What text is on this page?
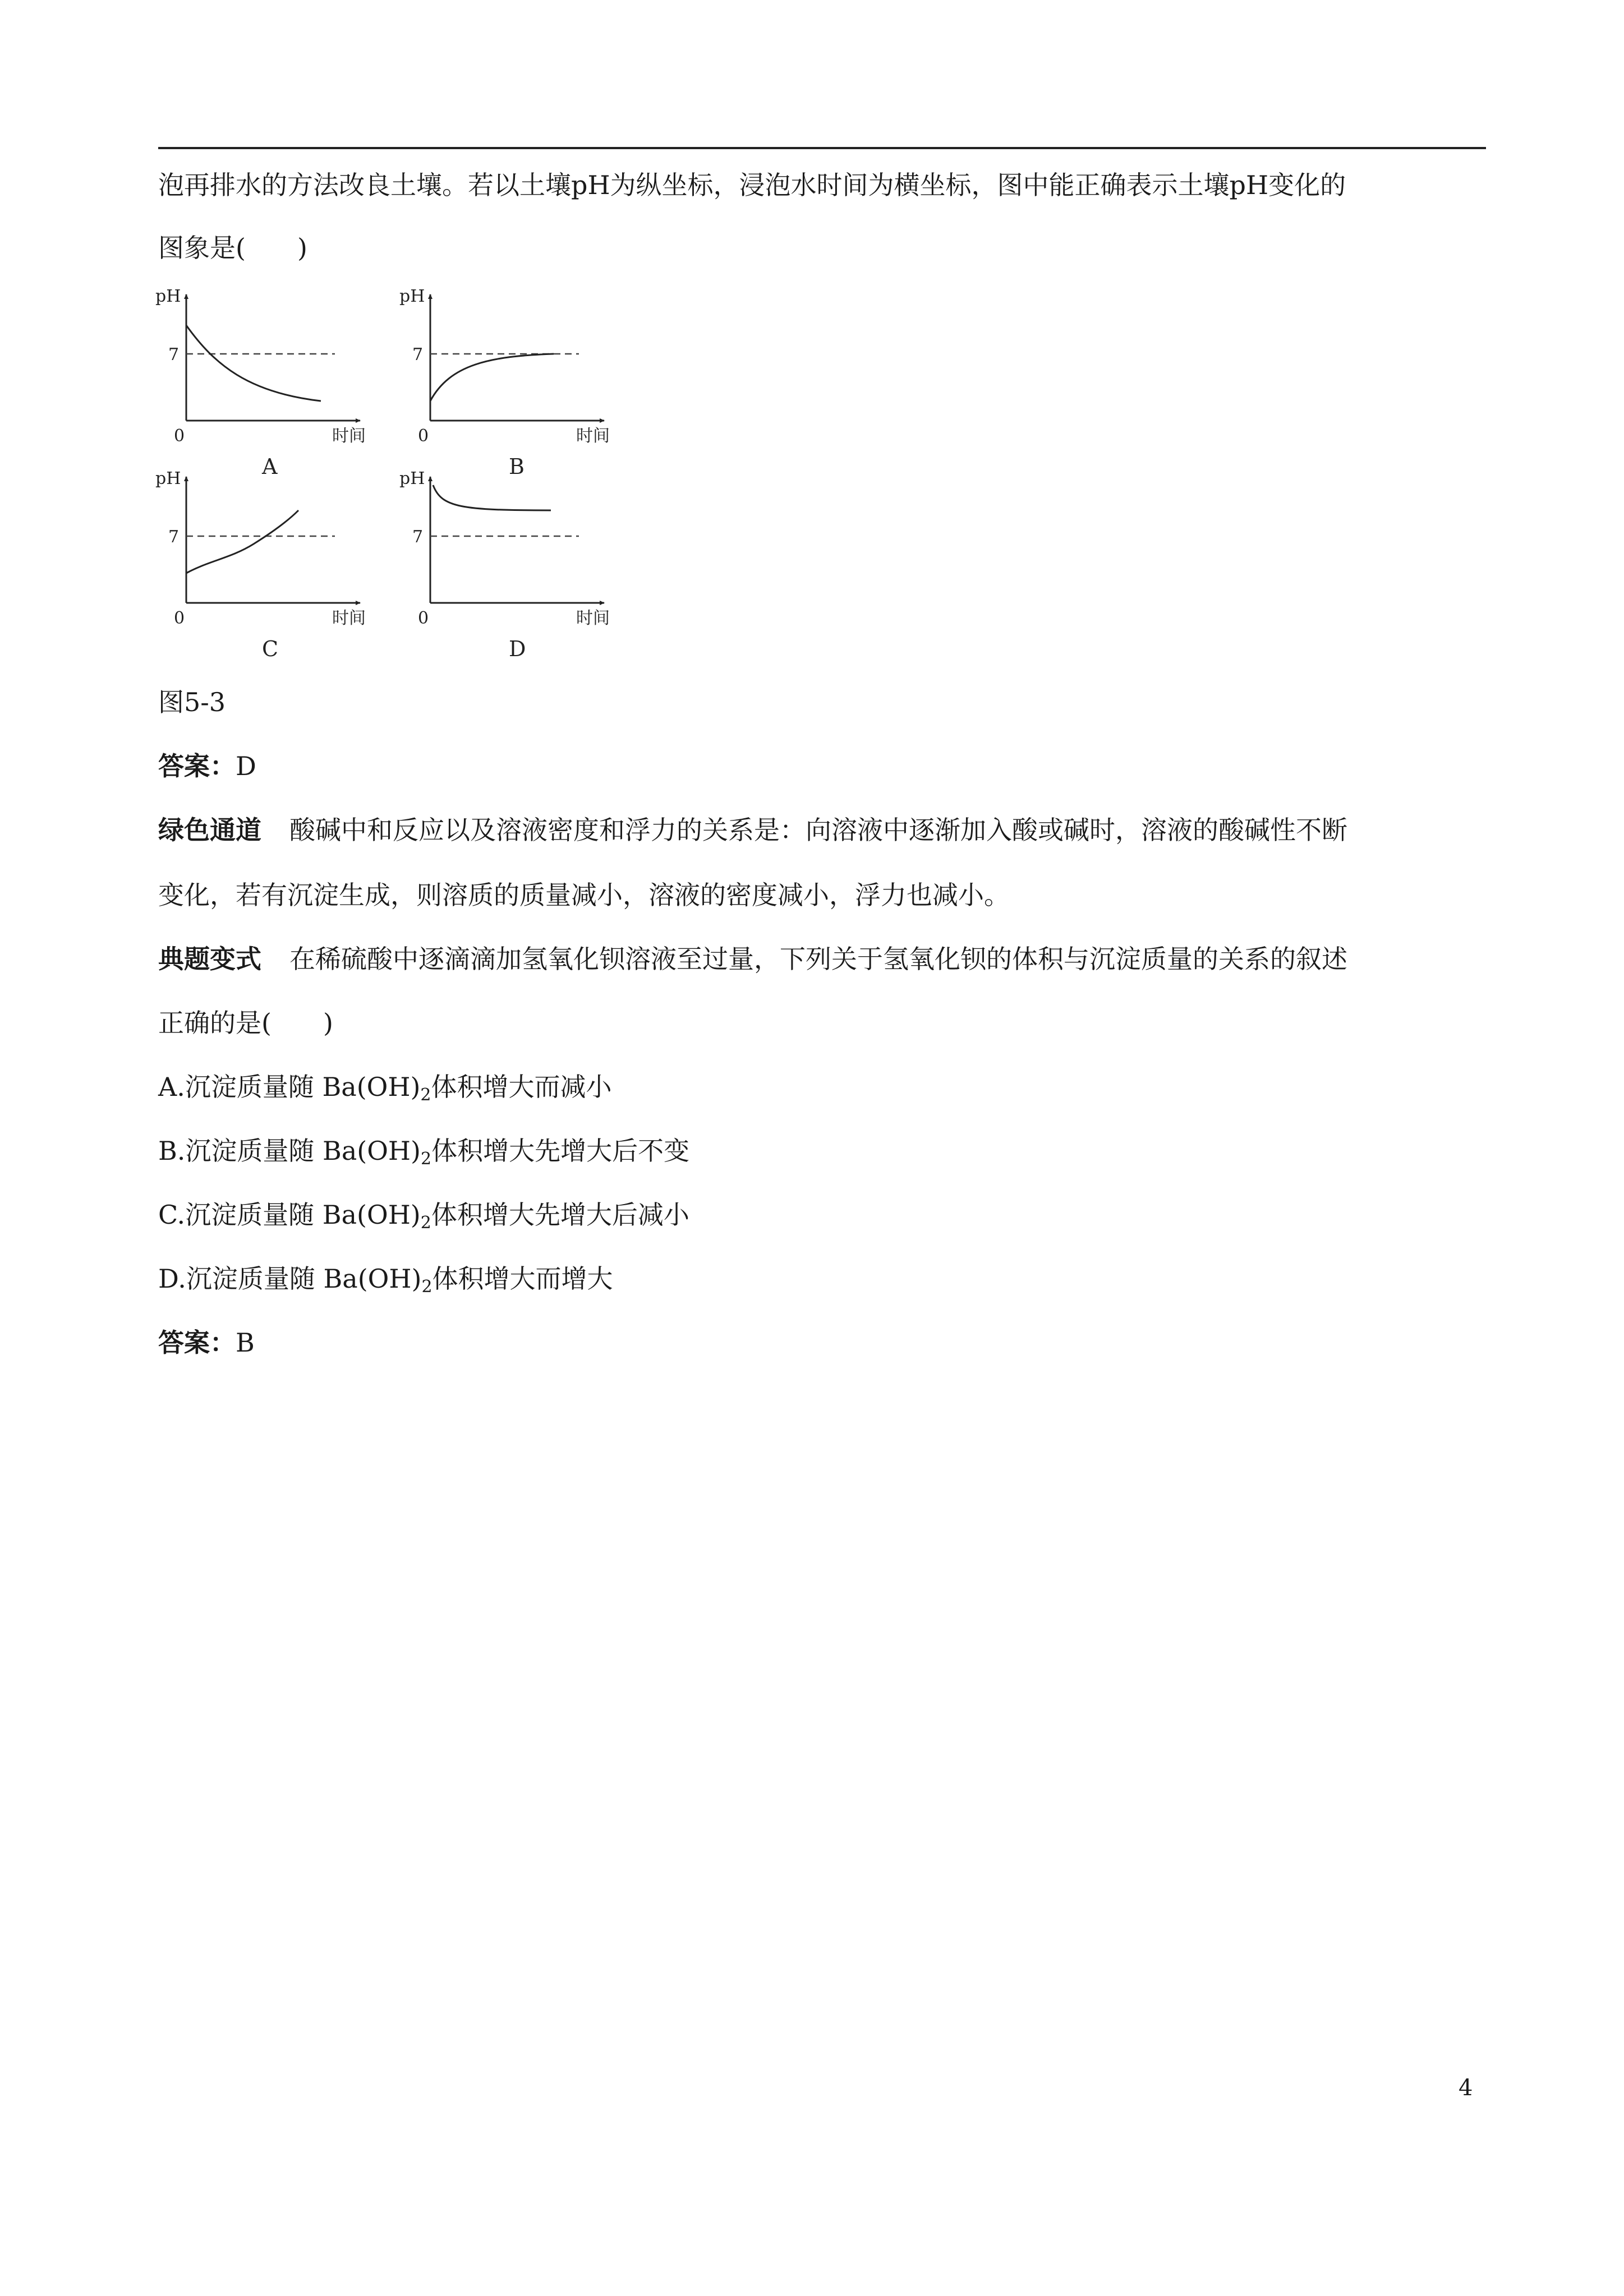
泡再排水的方法改良土壤。若以土壤pH为纵坐标，浸泡水时间为横坐标，图中能正确表示土壤pH变化的
图象是(　　)
pH
7
0	时间
A
pH
7
0	时间
B
pH
7
0	时间
C
pH
7
0	时间
D
图5-3
答案：D
绿色通道 酸碱中和反应以及溶液密度和浮力的关系是：向溶液中逐渐加入酸或碱时，溶液的酸碱性不断
变化，若有沉淀生成，则溶质的质量减小，溶液的密度减小，浮力也减小。
典题变式 在稀硫酸中逐滴滴加氢氧化钡溶液至过量，下列关于氢氧化钡的体积与沉淀质量的关系的叙述
正确的是(　　)
A.沉淀质量随 $Ba(OH)_2$体积增大而减小
B.沉淀质量随 $Ba(OH)_2$体积增大先增大后不变
C.沉淀质量随 $Ba(OH)_2$体积增大先增大后减小
D.沉淀质量随 $Ba(OH)_2$体积增大而增大
答案：B
4
